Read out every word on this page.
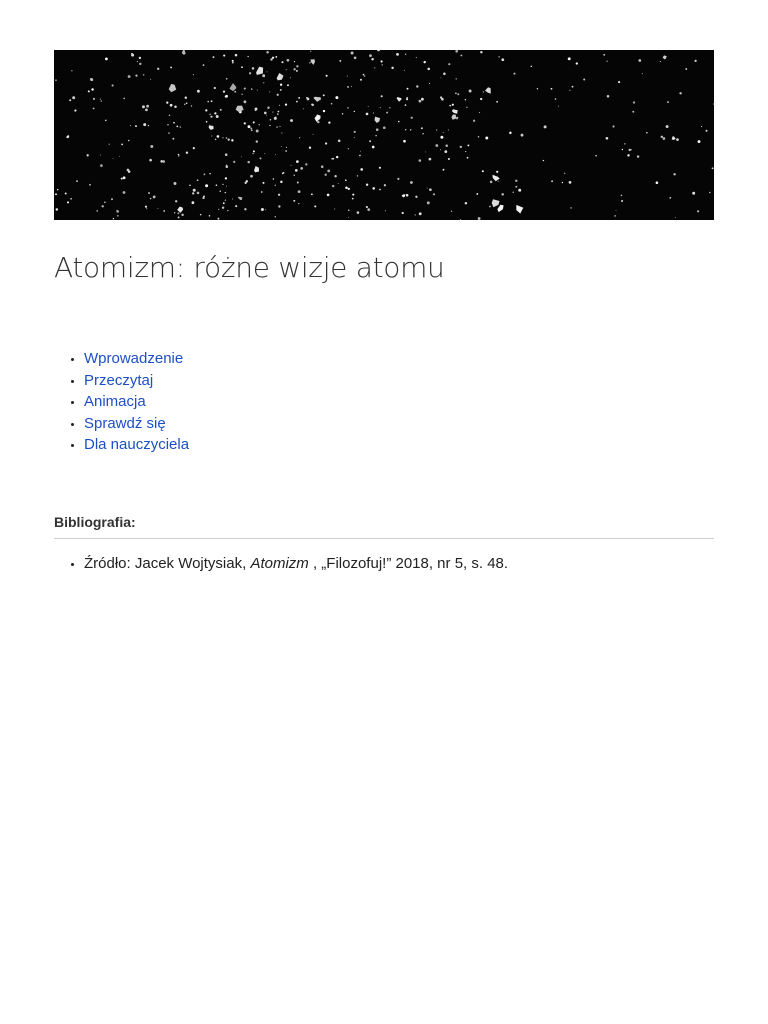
Atomizm: różne wizje atomu
• Wprowadzenie
• Przeczytaj
• Animacja
• Sprawdź się
• Dla nauczyciela
Bibliografia:
• Źródło: Jacek Wojtysiak, Atomizm , „Filozofuj!” 2018, nr 5, s. 48.
